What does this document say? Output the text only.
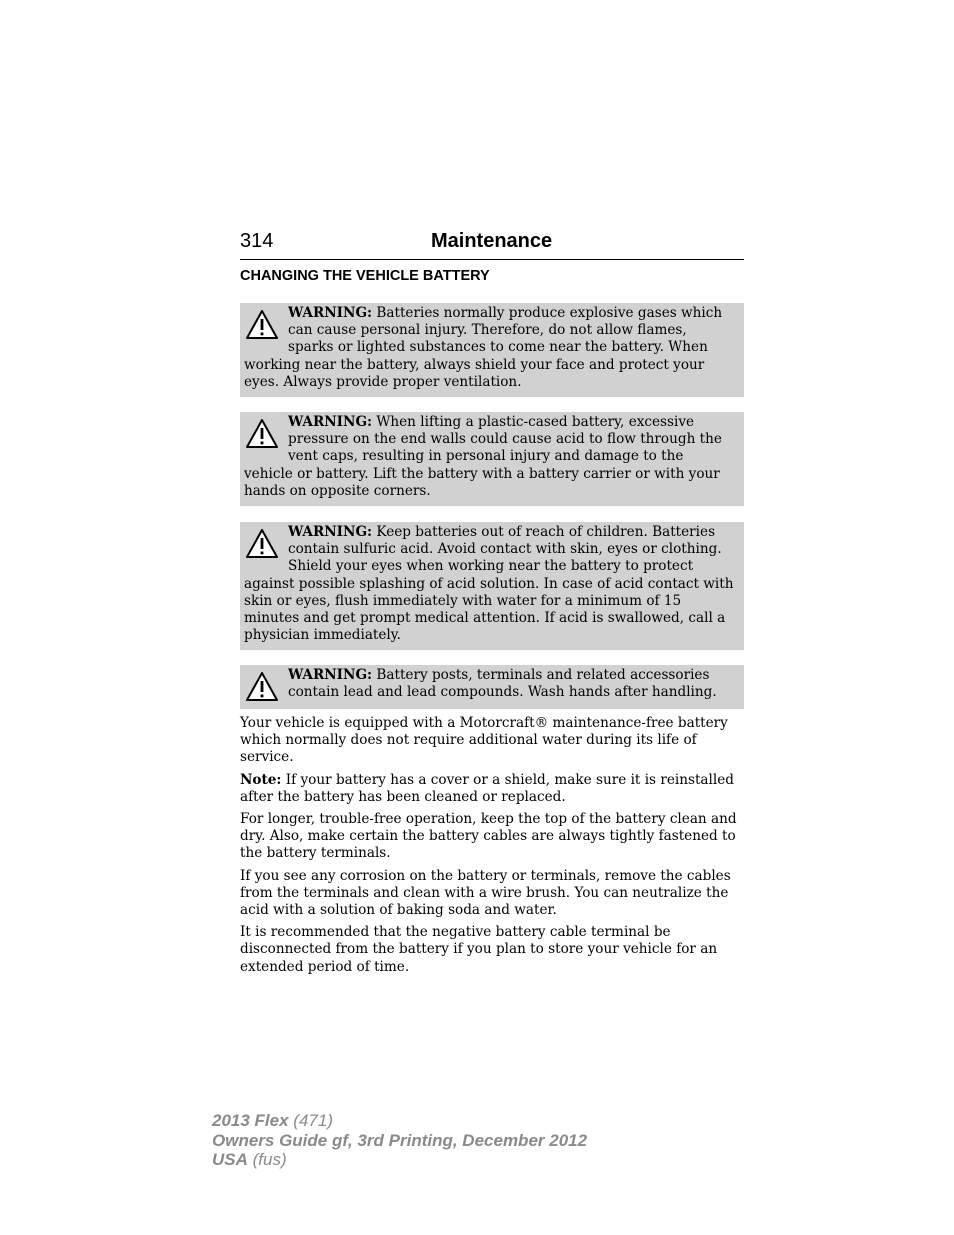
314	Maintenance
CHANGING THE VEHICLE BATTERY
WARNING: Batteries normally produce explosive gases which can cause personal injury. Therefore, do not allow flames, sparks or lighted substances to come near the battery. When working near the battery, always shield your face and protect your eyes. Always provide proper ventilation.
WARNING: When lifting a plastic-cased battery, excessive pressure on the end walls could cause acid to flow through the vent caps, resulting in personal injury and damage to the vehicle or battery. Lift the battery with a battery carrier or with your hands on opposite corners.
WARNING: Keep batteries out of reach of children. Batteries contain sulfuric acid. Avoid contact with skin, eyes or clothing. Shield your eyes when working near the battery to protect against possible splashing of acid solution. In case of acid contact with skin or eyes, flush immediately with water for a minimum of 15 minutes and get prompt medical attention. If acid is swallowed, call a physician immediately.
WARNING: Battery posts, terminals and related accessories contain lead and lead compounds. Wash hands after handling.

Your vehicle is equipped with a Motorcraft® maintenance-free battery which normally does not require additional water during its life of service.

Note: If your battery has a cover or a shield, make sure it is reinstalled after the battery has been cleaned or replaced.

For longer, trouble-free operation, keep the top of the battery clean and dry. Also, make certain the battery cables are always tightly fastened to the battery terminals.

If you see any corrosion on the battery or terminals, remove the cables from the terminals and clean with a wire brush. You can neutralize the acid with a solution of baking soda and water.

It is recommended that the negative battery cable terminal be disconnected from the battery if you plan to store your vehicle for an extended period of time.

2013 Flex (471)
Owners Guide gf, 3rd Printing, December 2012
USA (fus)
